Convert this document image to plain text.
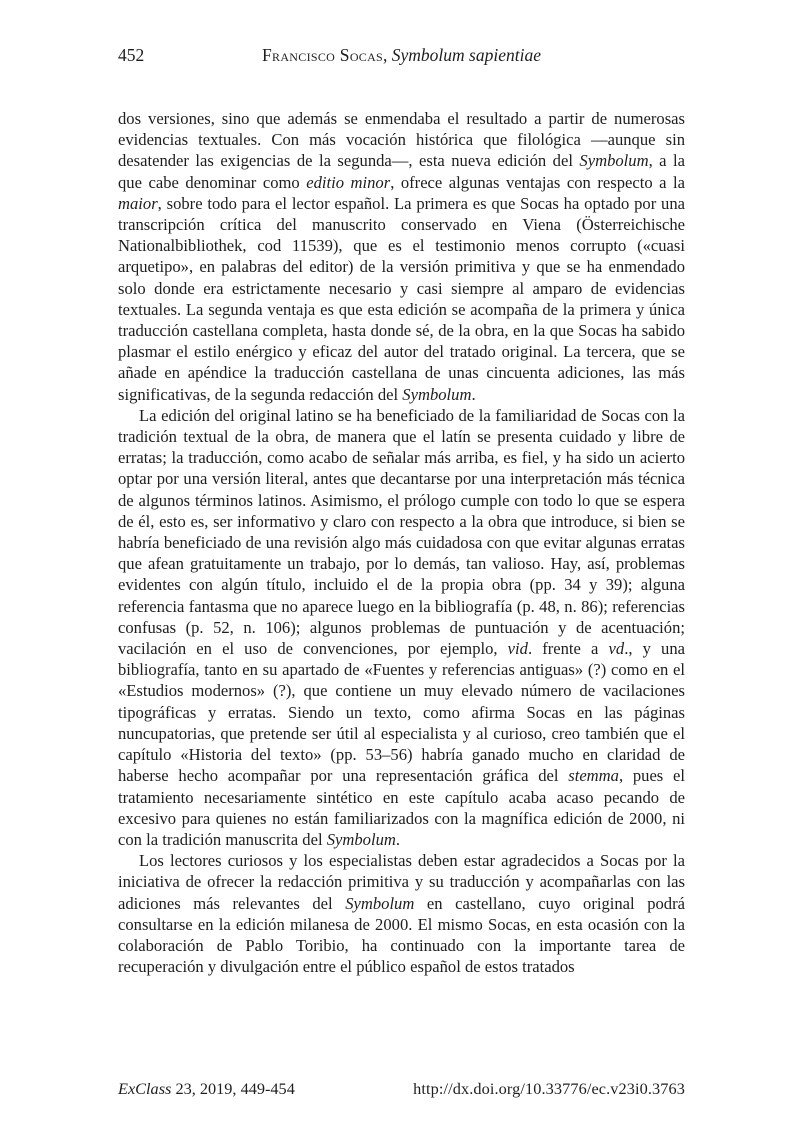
452	Francisco Socas, Symbolum sapientiae

dos versiones, sino que además se enmendaba el resultado a partir de numerosas evidencias textuales. Con más vocación histórica que filológica —aunque sin desatender las exigencias de la segunda—, esta nueva edición del Symbolum, a la que cabe denominar como editio minor, ofrece algunas ventajas con respecto a la maior, sobre todo para el lector español. La primera es que Socas ha optado por una transcripción crítica del manuscrito conservado en Viena (Österreichische Nationalbibliothek, cod 11539), que es el testimonio menos corrupto («cuasi arquetipo», en palabras del editor) de la versión primitiva y que se ha enmendado solo donde era estrictamente necesario y casi siempre al amparo de evidencias textuales. La segunda ventaja es que esta edición se acompaña de la primera y única traducción castellana completa, hasta donde sé, de la obra, en la que Socas ha sabido plasmar el estilo enérgico y eficaz del autor del tratado original. La tercera, que se añade en apéndice la traducción castellana de unas cincuenta adiciones, las más significativas, de la segunda redacción del Symbolum.

La edición del original latino se ha beneficiado de la familiaridad de Socas con la tradición textual de la obra, de manera que el latín se presenta cuidado y libre de erratas; la traducción, como acabo de señalar más arriba, es fiel, y ha sido un acierto optar por una versión literal, antes que decantarse por una interpretación más técnica de algunos términos latinos. Asimismo, el prólogo cumple con todo lo que se espera de él, esto es, ser informativo y claro con respecto a la obra que introduce, si bien se habría beneficiado de una revisión algo más cuidadosa con que evitar algunas erratas que afean gratuitamente un trabajo, por lo demás, tan valioso. Hay, así, problemas evidentes con algún título, incluido el de la propia obra (pp. 34 y 39); alguna referencia fantasma que no aparece luego en la bibliografía (p. 48, n. 86); referencias confusas (p. 52, n. 106); algunos problemas de puntuación y de acentuación; vacilación en el uso de convenciones, por ejemplo, vid. frente a vd., y una bibliografía, tanto en su apartado de «Fuentes y referencias antiguas» (?) como en el «Estudios modernos» (?), que contiene un muy elevado número de vacilaciones tipográficas y erratas. Siendo un texto, como afirma Socas en las páginas nuncupatorias, que pretende ser útil al especialista y al curioso, creo también que el capítulo «Historia del texto» (pp. 53–56) habría ganado mucho en claridad de haberse hecho acompañar por una representación gráfica del stemma, pues el tratamiento necesariamente sintético en este capítulo acaba acaso pecando de excesivo para quienes no están familiarizados con la magnífica edición de 2000, ni con la tradición manuscrita del Symbolum.

Los lectores curiosos y los especialistas deben estar agradecidos a Socas por la iniciativa de ofrecer la redacción primitiva y su traducción y acompañarlas con las adiciones más relevantes del Symbolum en castellano, cuyo original podrá consultarse en la edición milanesa de 2000. El mismo Socas, en esta ocasión con la colaboración de Pablo Toribio, ha continuado con la importante tarea de recuperación y divulgación entre el público español de estos tratados

ExClass 23, 2019, 449-454	http://dx.doi.org/10.33776/ec.v23i0.3763
